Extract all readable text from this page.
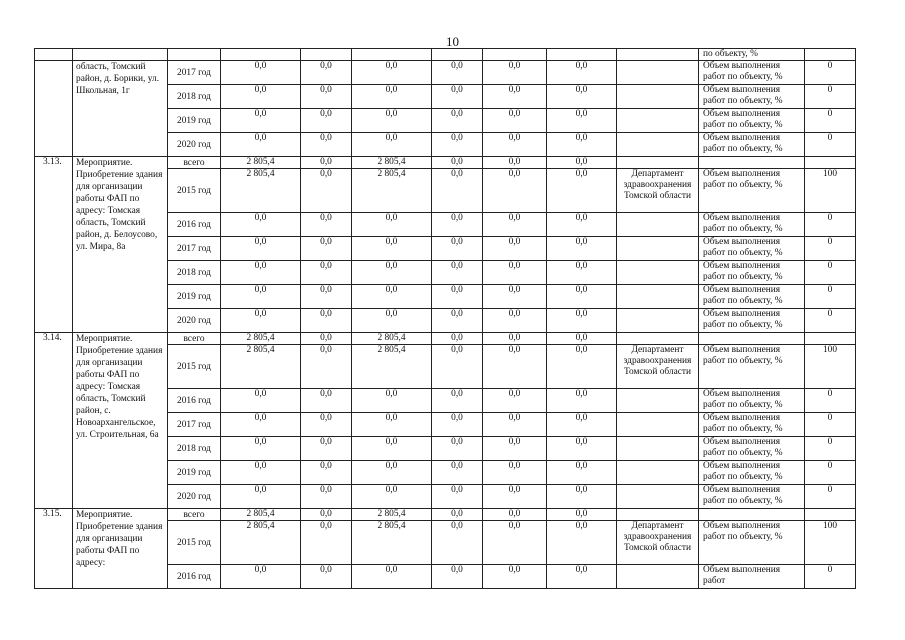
10
										по объекту, %	
	область, Томский район, д. Борики, ул. Школьная, 1г	2017 год	0,0	0,0	0,0	0,0	0,0	0,0		Объем выполнения работ по объекту, %	0
		2018 год	0,0	0,0	0,0	0,0	0,0	0,0		Объем выполнения работ по объекту, %	0
		2019 год	0,0	0,0	0,0	0,0	0,0	0,0		Объем выполнения работ по объекту, %	0
		2020 год	0,0	0,0	0,0	0,0	0,0	0,0		Объем выполнения работ по объекту, %	0
3.13.	Мероприятие. Приобретение здания для организации работы ФАП по адресу: Томская область, Томский район, д. Белоусово, ул. Мира, 8а	всего	2 805,4	0,0	2 805,4	0,0	0,0	0,0			
		2015 год	2 805,4	0,0	2 805,4	0,0	0,0	0,0	Департамент здравоохранения Томской области	Объем выполнения работ по объекту, %	100
		2016 год	0,0	0,0	0,0	0,0	0,0	0,0		Объем выполнения работ по объекту, %	0
		2017 год	0,0	0,0	0,0	0,0	0,0	0,0		Объем выполнения работ по объекту, %	0
		2018 год	0,0	0,0	0,0	0,0	0,0	0,0		Объем выполнения работ по объекту, %	0
		2019 год	0,0	0,0	0,0	0,0	0,0	0,0		Объем выполнения работ по объекту, %	0
		2020 год	0,0	0,0	0,0	0,0	0,0	0,0		Объем выполнения работ по объекту, %	0
3.14.	Мероприятие. Приобретение здания для организации работы ФАП по адресу: Томская область, Томский район, с. Новоархангельское, ул. Строительная, 6а	всего	2 805,4	0,0	2 805,4	0,0	0,0	0,0			
		2015 год	2 805,4	0,0	2 805,4	0,0	0,0	0,0	Департамент здравоохранения Томской области	Объем выполнения работ по объекту, %	100
		2016 год	0,0	0,0	0,0	0,0	0,0	0,0		Объем выполнения работ по объекту, %	0
		2017 год	0,0	0,0	0,0	0,0	0,0	0,0		Объем выполнения работ по объекту, %	0
		2018 год	0,0	0,0	0,0	0,0	0,0	0,0		Объем выполнения работ по объекту, %	0
		2019 год	0,0	0,0	0,0	0,0	0,0	0,0		Объем выполнения работ по объекту, %	0
		2020 год	0,0	0,0	0,0	0,0	0,0	0,0		Объем выполнения работ по объекту, %	0
3.15.	Мероприятие. Приобретение здания для организации работы ФАП по адресу:	всего	2 805,4	0,0	2 805,4	0,0	0,0	0,0			
		2015 год	2 805,4	0,0	2 805,4	0,0	0,0	0,0	Департамент здравоохранения Томской области	Объем выполнения работ по объекту, %	100
		2016 год	0,0	0,0	0,0	0,0	0,0	0,0		Объем выполнения работ	0
